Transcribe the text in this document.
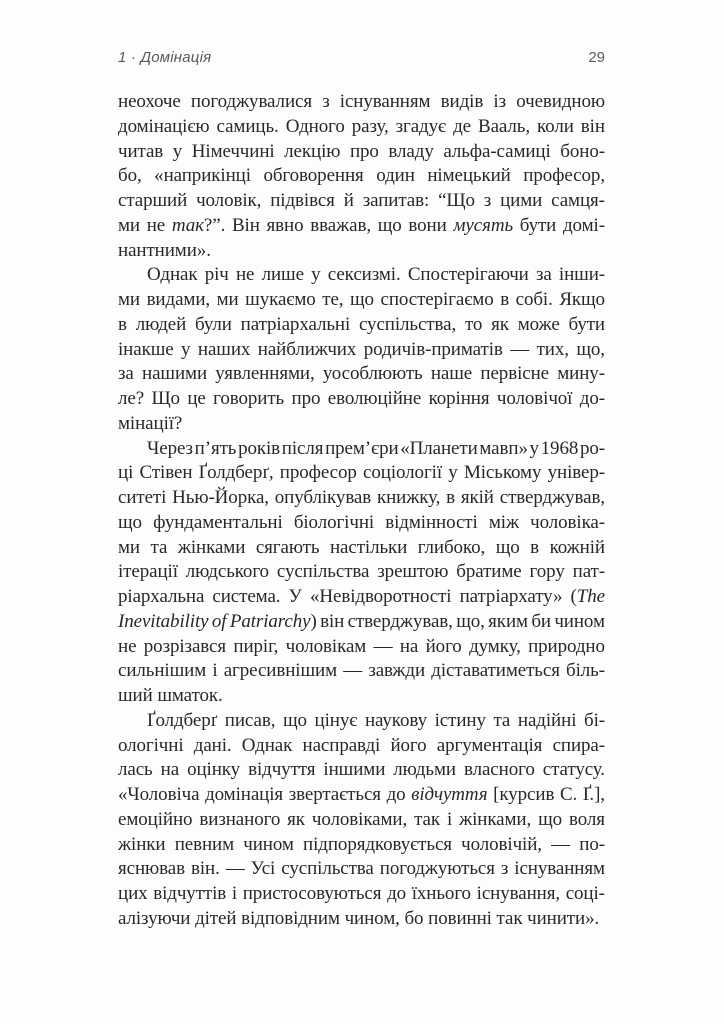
1 · Домінація	29
неохоче погоджувалися з існуванням видів із очевидною
домінацією самиць. Одного разу, згадує де Вааль, коли він
читав у Німеччині лекцію про владу альфа-самиці боно-
бо, «наприкінці обговорення один німецький професор,
старший чоловік, підвівся й запитав: “Що з цими самця-
ми не так?”. Він явно вважав, що вони мусять бути домі-
нантними».
Однак річ не лише у сексизмі. Спостерігаючи за інши-
ми видами, ми шукаємо те, що спостерігаємо в собі. Якщо
в людей були патріархальні суспільства, то як може бути
інакше у наших найближчих родичів-приматів — тих, що,
за нашими уявленнями, уособлюють наше первісне мину-
ле? Що це говорить про еволюційне коріння чоловічої до-
мінації?
Через п’ять років після прем’єри «Планети мавп» у 1968 ро-
ці Стівен Ґолдберґ, професор соціології у Міському універ-
ситеті Нью-Йорка, опублікував книжку, в якій стверджував,
що фундаментальні біологічні відмінності між чоловіка-
ми та жінками сягають настільки глибоко, що в кожній
ітерації людського суспільства зрештою братиме гору пат-
ріархальна система. У «Невідворотності патріархату» (The
Inevitability of Patriarchy) він стверджував, що, яким би чином
не розрізався пиріг, чоловікам — на його думку, природно
сильнішим і агресивнішим — завжди діставатиметься біль-
ший шматок.
Ґолдберґ писав, що цінує наукову істину та надійні бі-
ологічні дані. Однак насправді його аргументація спира-
лась на оцінку відчуття іншими людьми власного статусу.
«Чоловіча домінація звертається до відчуття [курсив С. Ґ.],
емоційно визнаного як чоловіками, так і жінками, що воля
жінки певним чином підпорядковується чоловічій, — по-
яснював він. — Усі суспільства погоджуються з існуванням
цих відчуттів і пристосовуються до їхнього існування, соці-
алізуючи дітей відповідним чином, бо повинні так чинити».
